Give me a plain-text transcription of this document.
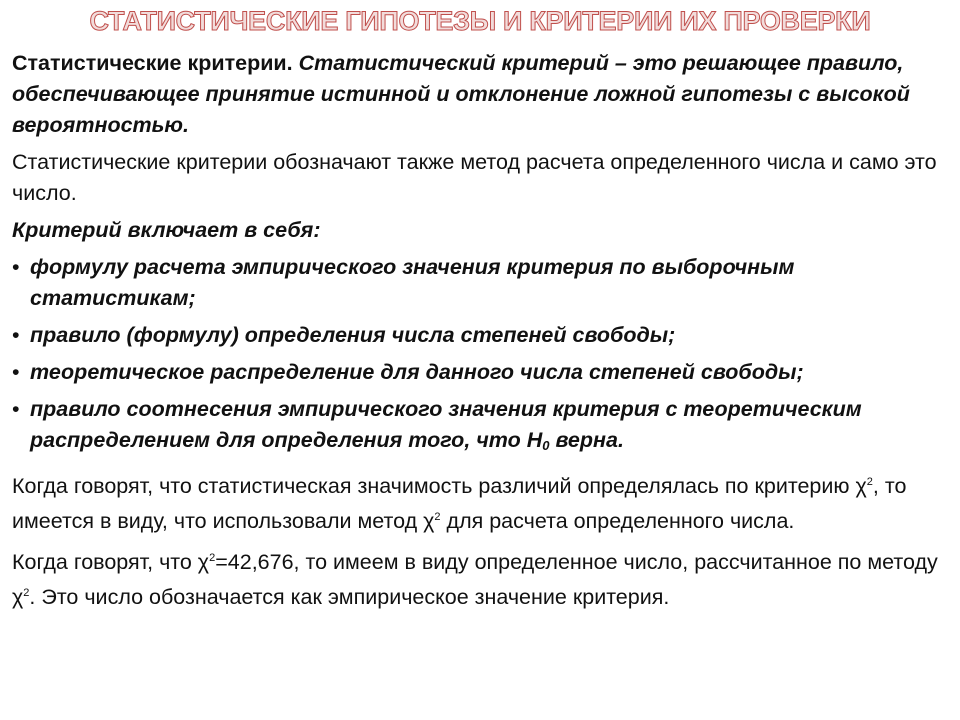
СТАТИСТИЧЕСКИЕ ГИПОТЕЗЫ И КРИТЕРИИ ИХ ПРОВЕРКИ

Статистические критерии. Статистический критерий – это решающее правило, обеспечивающее принятие истинной и отклонение ложной гипотезы с высокой вероятностью.

Статистические критерии обозначают также метод расчета определенного числа и само это число.

Критерий включает в себя:

• формулу расчета эмпирического значения критерия по выборочным статистикам;
• правило (формулу) определения числа степеней свободы;
• теоретическое распределение для данного числа степеней свободы;
• правило соотнесения эмпирического значения критерия с теоретическим распределением для определения того, что $H_0$ верна.

Когда говорят, что статистическая значимость различий определялась по критерию $\chi^2$, то имеется в виду, что использовали метод $\chi^2$ для расчета определенного числа.

Когда говорят, что $\chi^2=42,676$, то имеем в виду определенное число, рассчитанное по методу $\chi^2$. Это число обозначается как эмпирическое значение критерия.
